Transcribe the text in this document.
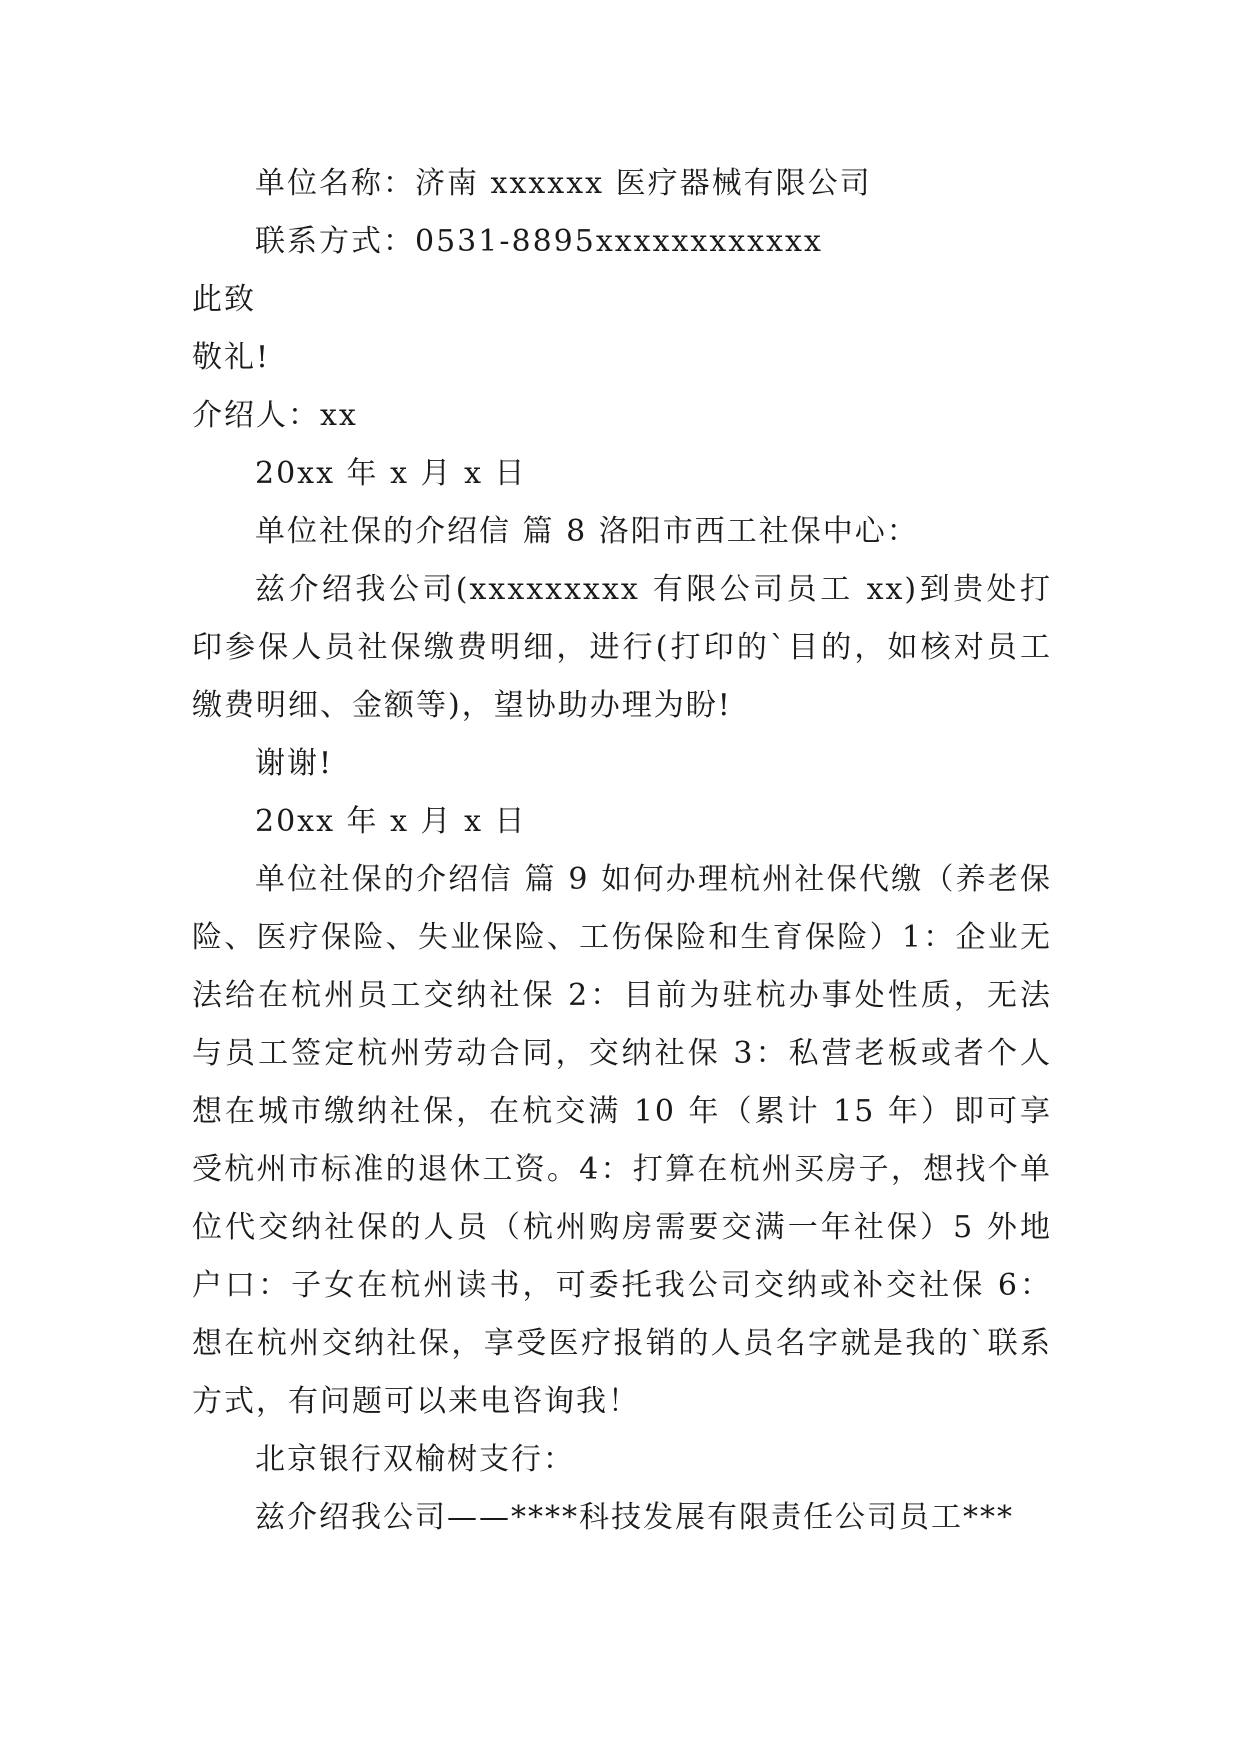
单位名称：济南 xxxxxx 医疗器械有限公司
联系方式：0531-8895xxxxxxxxxxxx
此致
敬礼!
介绍人：xx
20xx 年 x 月 x 日
单位社保的介绍信 篇 8 洛阳市西工社保中心：

兹介绍我公司(xxxxxxxxx 有限公司员工 xx)到贵处打印参保人员社保缴费明细，进行(打印的`目的，如核对员工缴费明细、金额等)，望协助办理为盼!

谢谢!
20xx 年 x 月 x 日

单位社保的介绍信 篇 9 如何办理杭州社保代缴（养老保险、医疗保险、失业保险、工伤保险和生育保险）1：企业无法给在杭州员工交纳社保 2：目前为驻杭办事处性质，无法与员工签定杭州劳动合同，交纳社保 3：私营老板或者个人想在城市缴纳社保，在杭交满 10 年（累计 15 年）即可享受杭州市标准的退休工资。4：打算在杭州买房子，想找个单位代交纳社保的人员（杭州购房需要交满一年社保）5 外地户口：子女在杭州读书，可委托我公司交纳或补交社保 6：想在杭州交纳社保，享受医疗报销的人员名字就是我的`联系方式，有问题可以来电咨询我！

北京银行双榆树支行：
兹介绍我公司——****科技发展有限责任公司员工***
